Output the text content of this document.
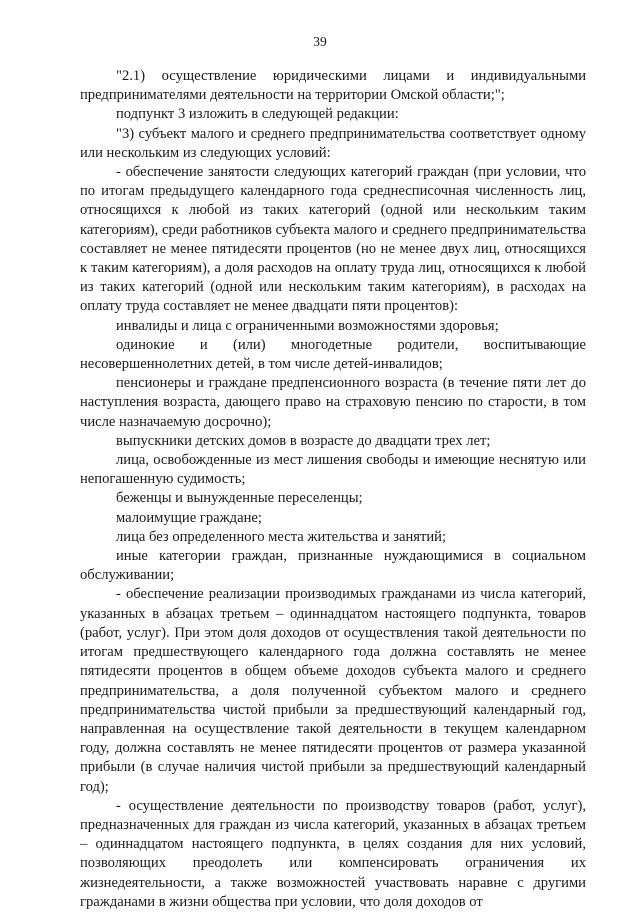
39

"2.1) осуществление юридическими лицами и индивидуальными предпринимателями деятельности на территории Омской области;";

подпункт 3 изложить в следующей редакции:

"3) субъект малого и среднего предпринимательства соответствует одному или нескольким из следующих условий:

- обеспечение занятости следующих категорий граждан (при условии, что по итогам предыдущего календарного года среднесписочная численность лиц, относящихся к любой из таких категорий (одной или нескольким таким категориям), среди работников субъекта малого и среднего предпринимательства составляет не менее пятидесяти процентов (но не менее двух лиц, относящихся к таким категориям), а доля расходов на оплату труда лиц, относящихся к любой из таких категорий (одной или нескольким таким категориям), в расходах на оплату труда составляет не менее двадцати пяти процентов):

инвалиды и лица с ограниченными возможностями здоровья;

одинокие и (или) многодетные родители, воспитывающие несовершеннолетних детей, в том числе детей-инвалидов;

пенсионеры и граждане предпенсионного возраста (в течение пяти лет до наступления возраста, дающего право на страховую пенсию по старости, в том числе назначаемую досрочно);

выпускники детских домов в возрасте до двадцати трех лет;

лица, освобожденные из мест лишения свободы и имеющие неснятую или непогашенную судимость;

беженцы и вынужденные переселенцы;

малоимущие граждане;

лица без определенного места жительства и занятий;

иные категории граждан, признанные нуждающимися в социальном обслуживании;

- обеспечение реализации производимых гражданами из числа категорий, указанных в абзацах третьем – одиннадцатом настоящего подпункта, товаров (работ, услуг). При этом доля доходов от осуществления такой деятельности по итогам предшествующего календарного года должна составлять не менее пятидесяти процентов в общем объеме доходов субъекта малого и среднего предпринимательства, а доля полученной субъектом малого и среднего предпринимательства чистой прибыли за предшествующий календарный год, направленная на осуществление такой деятельности в текущем календарном году, должна составлять не менее пятидесяти процентов от размера указанной прибыли (в случае наличия чистой прибыли за предшествующий календарный год);

- осуществление деятельности по производству товаров (работ, услуг), предназначенных для граждан из числа категорий, указанных в абзацах третьем – одиннадцатом настоящего подпункта, в целях создания для них условий, позволяющих преодолеть или компенсировать ограничения их жизнедеятельности, а также возможностей участвовать наравне с другими гражданами в жизни общества при условии, что доля доходов от
